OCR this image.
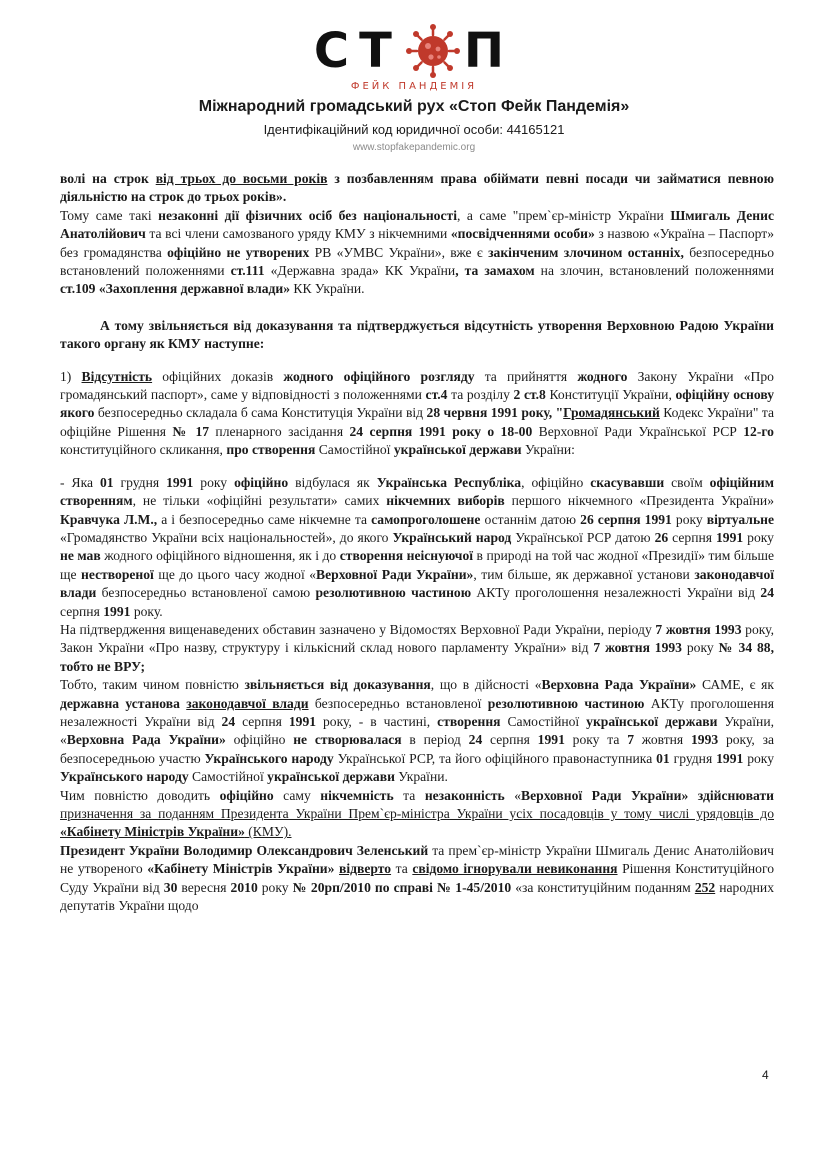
СТ П
ФЕЙК ПАНДЕМІЯ
Міжнародний громадський рух «Стоп Фейк Пандемія»
Ідентифікаційний код юридичної особи: 44165121
www.stopfakepandemic.org

волі на строк від трьох до восьми років з позбавленням права обіймати певні посади чи займатися певною діяльністю на строк до трьох років».

Тому саме такі незаконні дії фізичних осіб без національності, а саме "прем`єр-міністр України Шмигаль Денис Анатолійович та всі члени самозваного уряду КМУ з нікчемними «посвідченнями особи» з назвою «Україна – Паспорт» без громадянства офіційно не утворених РВ «УМВС України», вже є закінченим злочином останніх, безпосередньо встановлений положеннями ст.111 «Державна зрада» КК України, та замахом на злочин, встановлений положеннями ст.109 «Захоплення державної влади» КК України.

А тому звільняється від доказування та підтверджується відсутність утворення Верховною Радою України такого органу як КМУ наступне:

1) Відсутність офіційних доказів жодного офіційного розгляду та прийняття жодного Закону України «Про громадянський паспорт», саме у відповідності з положеннями ст.4 та розділу 2 ст.8 Конституції України, офіційну основу якого безпосередньо складала б сама Конституція України від 28 червня 1991 року, "Громадянський Кодекс України" та офіційне Рішення № 17 пленарного засідання 24 серпня 1991 року о 18-00 Верховної Ради Української РСР 12-го конституційного скликання, про створення Самостійної української держави України:

- Яка 01 грудня 1991 року офіційно відбулася як Українська Республіка, офіційно скасувавши своїм офіційним створенням, не тільки «офіційні результати» самих нікчемних виборів першого нікчемного «Президента України» Кравчука Л.М., а і безпосередньо саме нікчемне та самопроголошене останнім датою 26 серпня 1991 року віртуальне «Громадянство України всіх національностей», до якого Український народ Української РСР датою 26 серпня 1991 року не мав жодного офіційного відношення, як і до створення неіснуючої в природі на той час жодної «Президії» тим більше ще нествореної ще до цього часу жодної «Верховної Ради України», тим більше, як державної установи законодавчої влади безпосередньо встановленої самою резолютивною частиною АКТу проголошення незалежності України від 24 серпня 1991 року.

На підтвердження вищенаведених обставин зазначено у Відомостях Верховної Ради України, періоду 7 жовтня 1993 року, Закон України «Про назву, структуру і кількісний склад нового парламенту України» від 7 жовтня 1993 року № 34 88, тобто не ВРУ;

Тобто, таким чином повністю звільняється від доказування, що в дійсності «Верховна Рада України» САМЕ, є як державна установа законодавчої влади безпосередньо встановленої резолютивною частиною АКТу проголошення незалежності України від 24 серпня 1991 року, - в частині, створення Самостійної української держави України, «Верховна Рада України» офіційно не створювалася в період 24 серпня 1991 року та 7 жовтня 1993 року, за безпосередньою участю Українського народу Української РСР, та його офіційного правонаступника 01 грудня 1991 року Українського народу Самостійної української держави України.

Чим повністю доводить офіційно саму нікчемність та незаконність «Верховної Ради України» здійснювати призначення за поданням Президента України Прем`єр-міністра України усіх посадовців у тому числі урядовців до «Кабінету Міністрів України» (КМУ).

Президент України Володимир Олександрович Зеленський та прем`єр-міністр України Шмигаль Денис Анатолійович не утвореного «Кабінету Міністрів України» відверто та свідомо ігнорували невиконання Рішення Конституційного Суду України від 30 вересня 2010 року № 20рп/2010 по справі № 1-45/2010 «за конституційним поданням 252 народних депутатів України щодо

4
